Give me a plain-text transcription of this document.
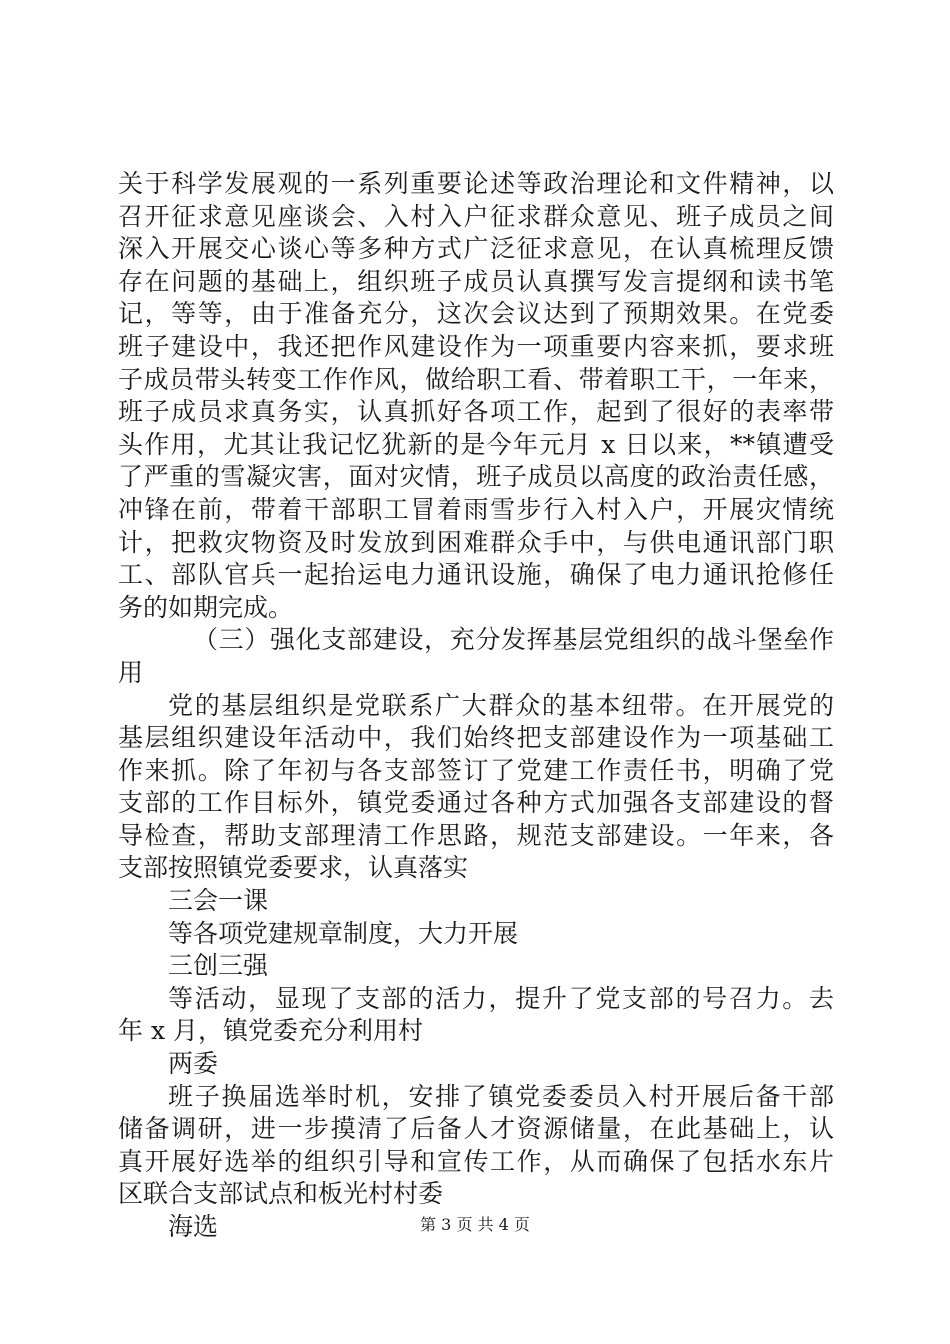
关于科学发展观的一系列重要论述等政治理论和文件精神，以
召开征求意见座谈会、入村入户征求群众意见、班子成员之间
深入开展交心谈心等多种方式广泛征求意见，在认真梳理反馈
存在问题的基础上，组织班子成员认真撰写发言提纲和读书笔
记，等等，由于准备充分，这次会议达到了预期效果。在党委
班子建设中，我还把作风建设作为一项重要内容来抓，要求班
子成员带头转变工作作风，做给职工看、带着职工干，一年来，
班子成员求真务实，认真抓好各项工作，起到了很好的表率带
头作用，尤其让我记忆犹新的是今年元月 x 日以来，**镇遭受
了严重的雪凝灾害，面对灾情，班子成员以高度的政治责任感，
冲锋在前，带着干部职工冒着雨雪步行入村入户，开展灾情统
计，把救灾物资及时发放到困难群众手中，与供电通讯部门职
工、部队官兵一起抬运电力通讯设施，确保了电力通讯抢修任
务的如期完成。
（三）强化支部建设，充分发挥基层党组织的战斗堡垒作
用
党的基层组织是党联系广大群众的基本纽带。在开展党的
基层组织建设年活动中，我们始终把支部建设作为一项基础工
作来抓。除了年初与各支部签订了党建工作责任书，明确了党
支部的工作目标外，镇党委通过各种方式加强各支部建设的督
导检查，帮助支部理清工作思路，规范支部建设。一年来，各
支部按照镇党委要求，认真落实
三会一课
等各项党建规章制度，大力开展
三创三强
等活动，显现了支部的活力，提升了党支部的号召力。去
年 x 月，镇党委充分利用村
两委
班子换届选举时机，安排了镇党委委员入村开展后备干部
储备调研，进一步摸清了后备人才资源储量，在此基础上，认
真开展好选举的组织引导和宣传工作，从而确保了包括水东片
区联合支部试点和板光村村委
海选	第 3 页 共 4 页
